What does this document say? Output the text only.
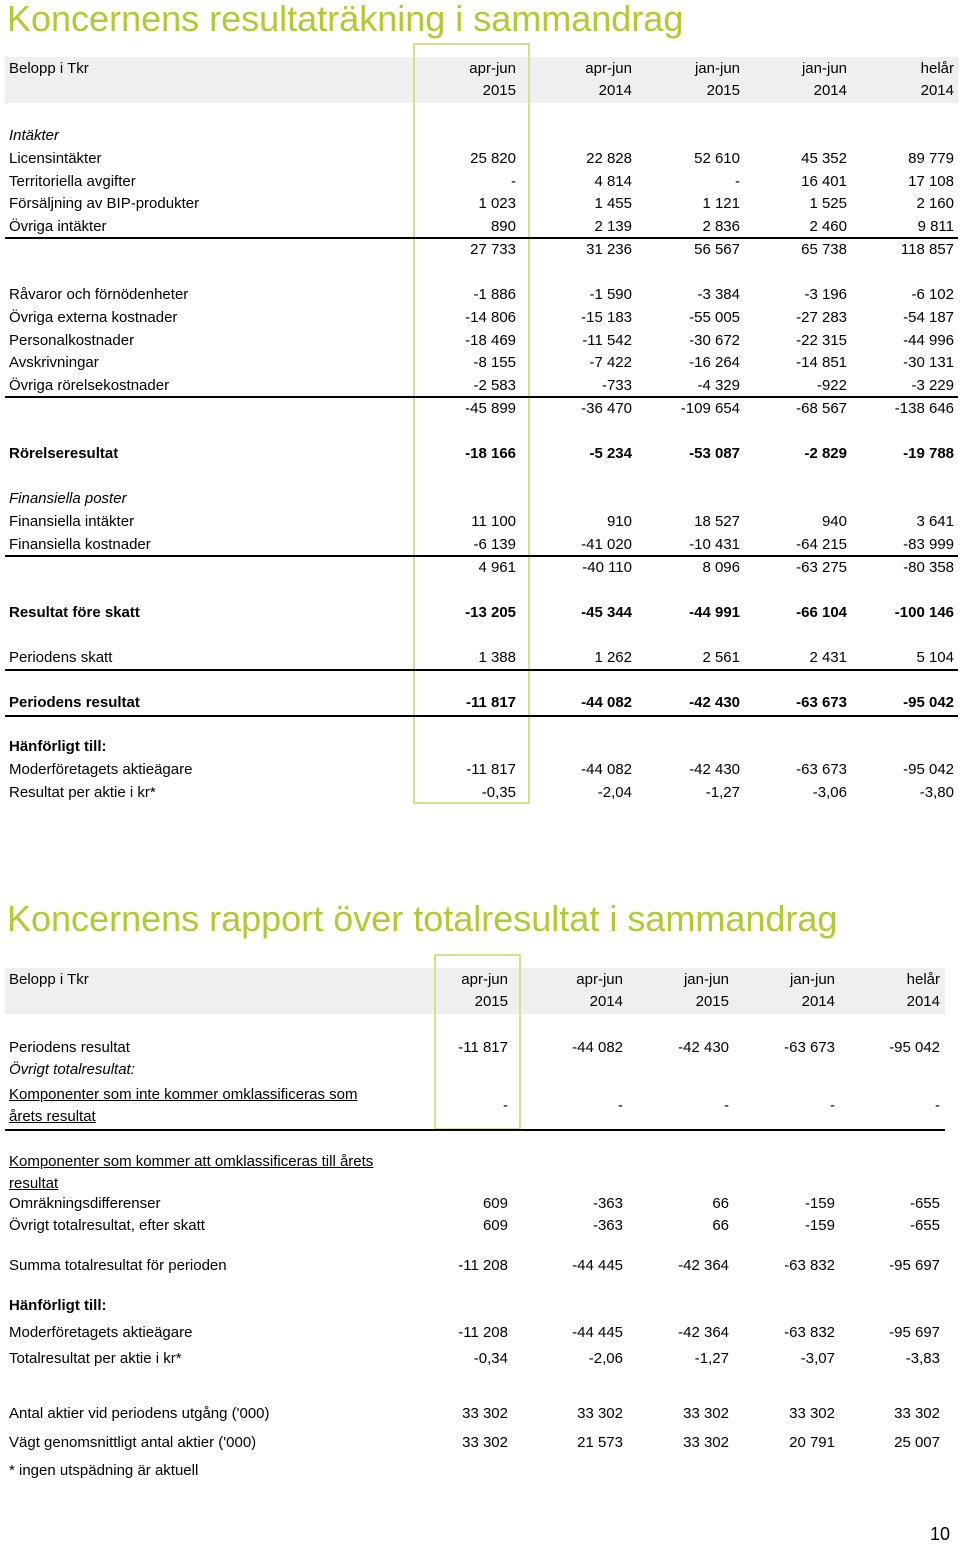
Koncernens resultaträkning i sammandrag
Belopp i Tkr	apr-jun	apr-jun	jan-jun	jan-jun	helår
2015	2014	2015	2014	2014
Intäkter
Licensintäkter	25 820	22 828	52 610	45 352	89 779
Territoriella avgifter	-	4 814	-	16 401	17 108
Försäljning av BIP-produkter	1 023	1 455	1 121	1 525	2 160
Övriga intäkter	890	2 139	2 836	2 460	9 811
27 733	31 236	56 567	65 738	118 857
Råvaror och förnödenheter	-1 886	-1 590	-3 384	-3 196	-6 102
Övriga externa kostnader	-14 806	-15 183	-55 005	-27 283	-54 187
Personalkostnader	-18 469	-11 542	-30 672	-22 315	-44 996
Avskrivningar	-8 155	-7 422	-16 264	-14 851	-30 131
Övriga rörelsekostnader	-2 583	-733	-4 329	-922	-3 229
-45 899	-36 470	-109 654	-68 567	-138 646
Rörelseresultat	-18 166	-5 234	-53 087	-2 829	-19 788
Finansiella poster
Finansiella intäkter	11 100	910	18 527	940	3 641
Finansiella kostnader	-6 139	-41 020	-10 431	-64 215	-83 999
4 961	-40 110	8 096	-63 275	-80 358
Resultat före skatt	-13 205	-45 344	-44 991	-66 104	-100 146
Periodens skatt	1 388	1 262	2 561	2 431	5 104
Periodens resultat	-11 817	-44 082	-42 430	-63 673	-95 042
Hänförligt till:
Moderföretagets aktieägare	-11 817	-44 082	-42 430	-63 673	-95 042
Resultat per aktie i kr*	-0,35	-2,04	-1,27	-3,06	-3,80
Koncernens rapport över totalresultat i sammandrag
Belopp i Tkr	apr-jun	apr-jun	jan-jun	jan-jun	helår
2015	2014	2015	2014	2014
Periodens resultat	-11 817	-44 082	-42 430	-63 673	-95 042
Övrigt totalresultat:
Komponenter som inte kommer omklassificeras som
årets resultat
-	-	-	-	-
Komponenter som kommer att omklassificeras till årets
resultat
Omräkningsdifferenser	609	-363	66	-159	-655
Övrigt totalresultat, efter skatt	609	-363	66	-159	-655
Summa totalresultat för perioden	-11 208	-44 445	-42 364	-63 832	-95 697
Hänförligt till:
Moderföretagets aktieägare	-11 208	-44 445	-42 364	-63 832	-95 697
Totalresultat per aktie i kr*	-0,34	-2,06	-1,27	-3,07	-3,83
Antal aktier vid periodens utgång ('000)	33 302	33 302	33 302	33 302	33 302
Vägt genomsnittligt antal aktier ('000)	33 302	21 573	33 302	20 791	25 007
* ingen utspädning är aktuell
10
